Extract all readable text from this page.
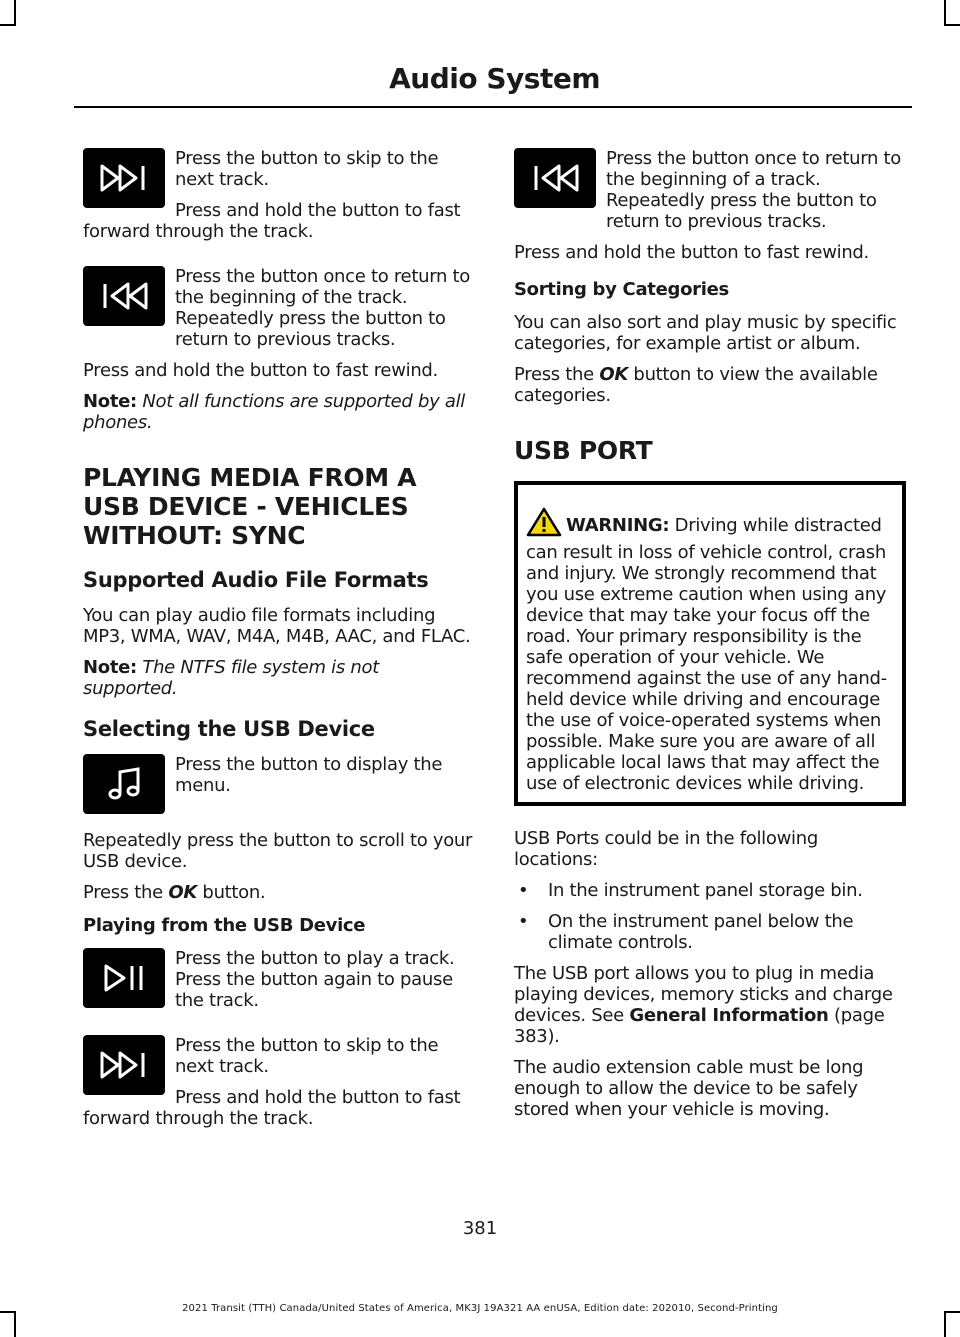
Audio System

Press the button to skip to the next track.

Press and hold the button to fast forward through the track.

Press the button once to return to the beginning of the track. Repeatedly press the button to return to previous tracks.

Press and hold the button to fast rewind.

Note: Not all functions are supported by all phones.

PLAYING MEDIA FROM A USB DEVICE - VEHICLES WITHOUT: SYNC
Supported Audio File Formats

You can play audio file formats including MP3, WMA, WAV, M4A, M4B, AAC, and FLAC.

Note: The NTFS file system is not supported.

Selecting the USB Device

Press the button to display the menu.

Repeatedly press the button to scroll to your USB device.

Press the OK button.

Playing from the USB Device

Press the button to play a track. Press the button again to pause the track.

Press the button to skip to the next track.

Press and hold the button to fast forward through the track.

Press the button once to return to the beginning of a track. Repeatedly press the button to return to previous tracks.

Press and hold the button to fast rewind.

Sorting by Categories

You can also sort and play music by specific categories, for example artist or album.

Press the OK button to view the available categories.

USB PORT
WARNING: Driving while distracted can result in loss of vehicle control, crash and injury. We strongly recommend that you use extreme caution when using any device that may take your focus off the road. Your primary responsibility is the safe operation of your vehicle. We recommend against the use of any hand-held device while driving and encourage the use of voice-operated systems when possible. Make sure you are aware of all applicable local laws that may affect the use of electronic devices while driving.

USB Ports could be in the following locations:

• In the instrument panel storage bin.
• On the instrument panel below the climate controls.

The USB port allows you to plug in media playing devices, memory sticks and charge devices. See General Information (page 383).

The audio extension cable must be long enough to allow the device to be safely stored when your vehicle is moving.

381
2021 Transit (TTH) Canada/United States of America, MK3J 19A321 AA enUSA, Edition date: 202010, Second-Printing
